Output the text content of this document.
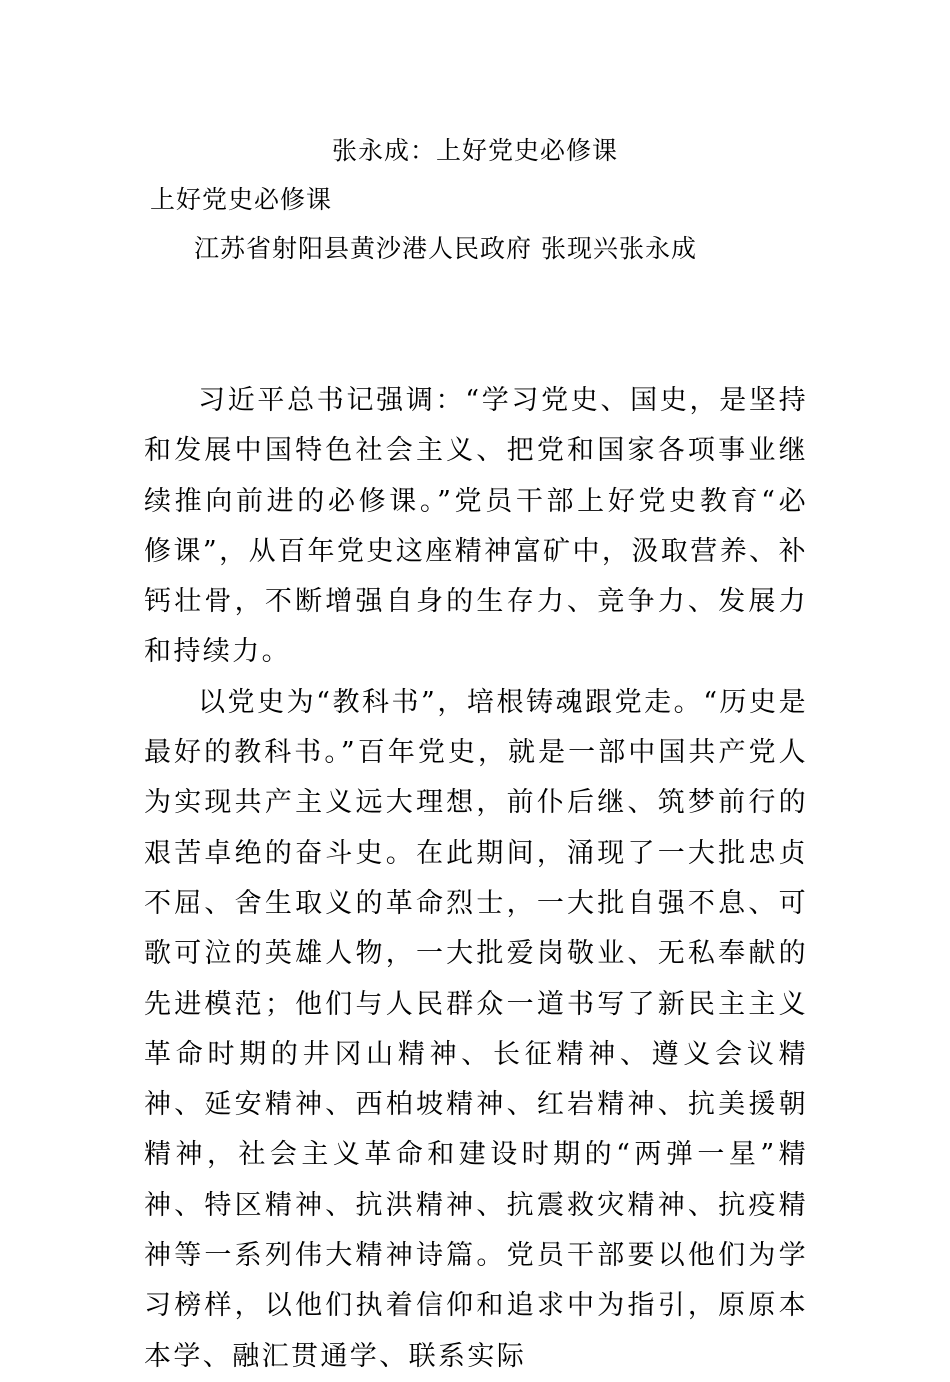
张永成：上好党史必修课
上好党史必修课
江苏省射阳县黄沙港人民政府 张现兴张永成

习近平总书记强调：“学习党史、国史，是坚持和发展中国特色社会主义、把党和国家各项事业继续推向前进的必修课。”党员干部上好党史教育“必修课”，从百年党史这座精神富矿中，汲取营养、补钙壮骨，不断增强自身的生存力、竞争力、发展力和持续力。

以党史为“教科书”，培根铸魂跟党走。“历史是最好的教科书。”百年党史，就是一部中国共产党人为实现共产主义远大理想，前仆后继、筑梦前行的艰苦卓绝的奋斗史。在此期间，涌现了一大批忠贞不屈、舍生取义的革命烈士，一大批自强不息、可歌可泣的英雄人物，一大批爱岗敬业、无私奉献的先进模范；他们与人民群众一道书写了新民主主义革命时期的井冈山精神、长征精神、遵义会议精神、延安精神、西柏坡精神、红岩精神、抗美援朝精神，社会主义革命和建设时期的“两弹一星”精神、特区精神、抗洪精神、抗震救灾精神、抗疫精神等一系列伟大精神诗篇。党员干部要以他们为学习榜样，以他们执着信仰和追求中为指引，原原本本学、融汇贯通学、联系实际
